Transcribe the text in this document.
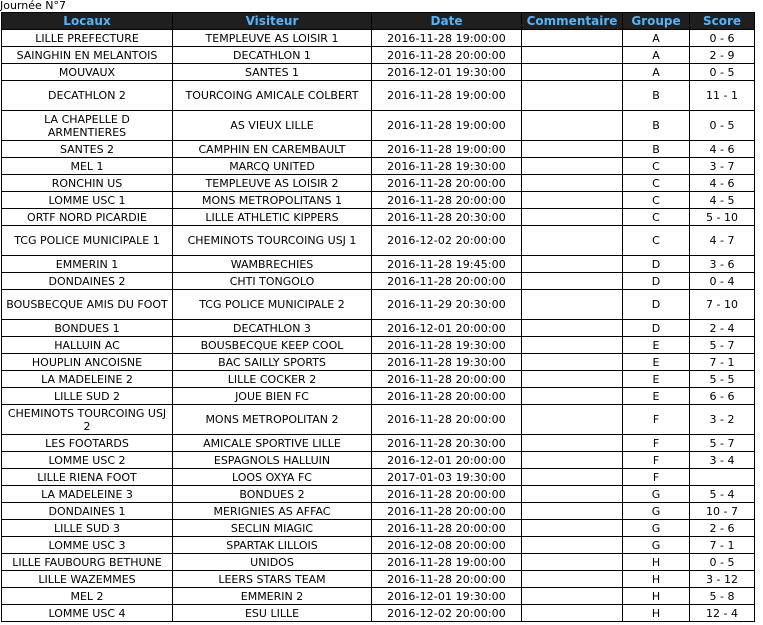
Journée N°7
Locaux	Visiteur	Date	Commentaire	Groupe	Score
LILLE PREFECTURE	TEMPLEUVE AS LOISIR 1	2016-11-28 19:00:00		A	0 - 6
SAINGHIN EN MELANTOIS	DECATHLON 1	2016-11-28 20:00:00		A	2 - 9
MOUVAUX	SANTES 1	2016-12-01 19:30:00		A	0 - 5
DECATHLON 2	TOURCOING AMICALE COLBERT	2016-11-28 19:00:00		B	11 - 1
LA CHAPELLE D ARMENTIERES	AS VIEUX LILLE	2016-11-28 19:00:00		B	0 - 5
SANTES 2	CAMPHIN EN CAREMBAULT	2016-11-28 19:00:00		B	4 - 6
MEL 1	MARCQ UNITED	2016-11-28 19:30:00		C	3 - 7
RONCHIN US	TEMPLEUVE AS LOISIR 2	2016-11-28 20:00:00		C	4 - 6
LOMME USC 1	MONS METROPOLITANS 1	2016-11-28 20:00:00		C	4 - 5
ORTF NORD PICARDIE	LILLE ATHLETIC KIPPERS	2016-11-28 20:30:00		C	5 - 10
TCG POLICE MUNICIPALE 1	CHEMINOTS TOURCOING USJ 1	2016-12-02 20:00:00		C	4 - 7
EMMERIN 1	WAMBRECHIES	2016-11-28 19:45:00		D	3 - 6
DONDAINES 2	CHTI TONGOLO	2016-11-28 20:00:00		D	0 - 4
BOUSBECQUE AMIS DU FOOT	TCG POLICE MUNICIPALE 2	2016-11-29 20:30:00		D	7 - 10
BONDUES 1	DECATHLON 3	2016-12-01 20:00:00		D	2 - 4
HALLUIN AC	BOUSBECQUE KEEP COOL	2016-11-28 19:30:00		E	5 - 7
HOUPLIN ANCOISNE	BAC SAILLY SPORTS	2016-11-28 19:30:00		E	7 - 1
LA MADELEINE 2	LILLE COCKER 2	2016-11-28 20:00:00		E	5 - 5
LILLE SUD 2	JOUE BIEN FC	2016-11-28 20:00:00		E	6 - 6
CHEMINOTS TOURCOING USJ 2	MONS METROPOLITAN 2	2016-11-28 20:00:00		F	3 - 2
LES FOOTARDS	AMICALE SPORTIVE LILLE	2016-11-28 20:30:00		F	5 - 7
LOMME USC 2	ESPAGNOLS HALLUIN	2016-12-01 20:00:00		F	3 - 4
LILLE RIENA FOOT	LOOS OXYA FC	2017-01-03 19:30:00		F	
LA MADELEINE 3	BONDUES 2	2016-11-28 20:00:00		G	5 - 4
DONDAINES 1	MERIGNIES AS AFFAC	2016-11-28 20:00:00		G	10 - 7
LILLE SUD 3	SECLIN MIAGIC	2016-11-28 20:00:00		G	2 - 6
LOMME USC 3	SPARTAK LILLOIS	2016-12-08 20:00:00		G	7 - 1
LILLE FAUBOURG BETHUNE	UNIDOS	2016-11-28 19:00:00		H	0 - 5
LILLE WAZEMMES	LEERS STARS TEAM	2016-11-28 20:00:00		H	3 - 12
MEL 2	EMMERIN 2	2016-12-01 19:30:00		H	5 - 8
LOMME USC 4	ESU LILLE	2016-12-02 20:00:00		H	12 - 4
